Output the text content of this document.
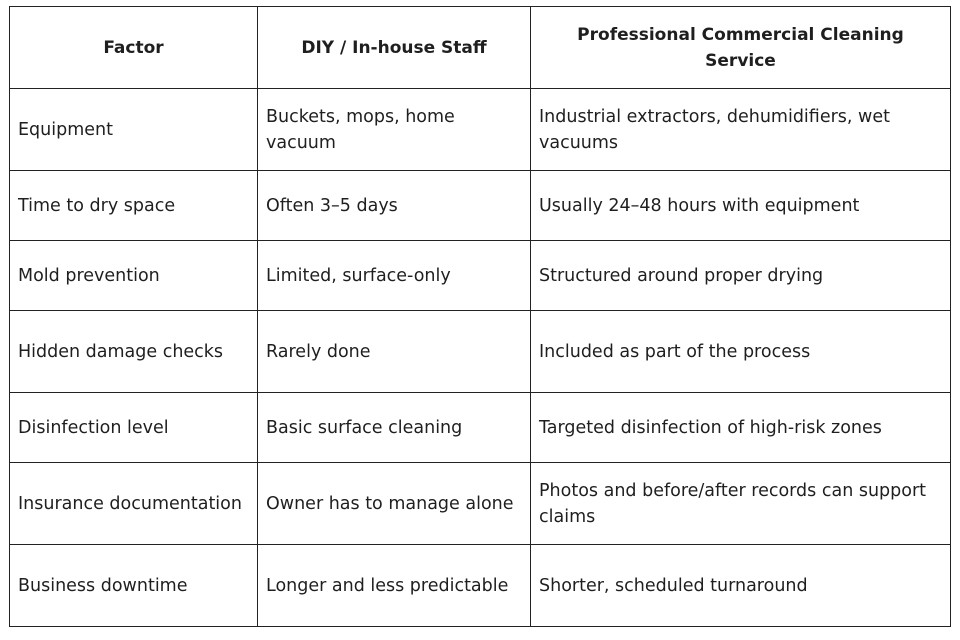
Factor	DIY / In-house Staff	Professional Commercial Cleaning Service
Equipment	Buckets, mops, home vacuum	Industrial extractors, dehumidifiers, wet vacuums
Time to dry space	Often 3–5 days	Usually 24–48 hours with equipment
Mold prevention	Limited, surface-only	Structured around proper drying
Hidden damage checks	Rarely done	Included as part of the process
Disinfection level	Basic surface cleaning	Targeted disinfection of high-risk zones
Insurance documentation	Owner has to manage alone	Photos and before/after records can support claims
Business downtime	Longer and less predictable	Shorter, scheduled turnaround
